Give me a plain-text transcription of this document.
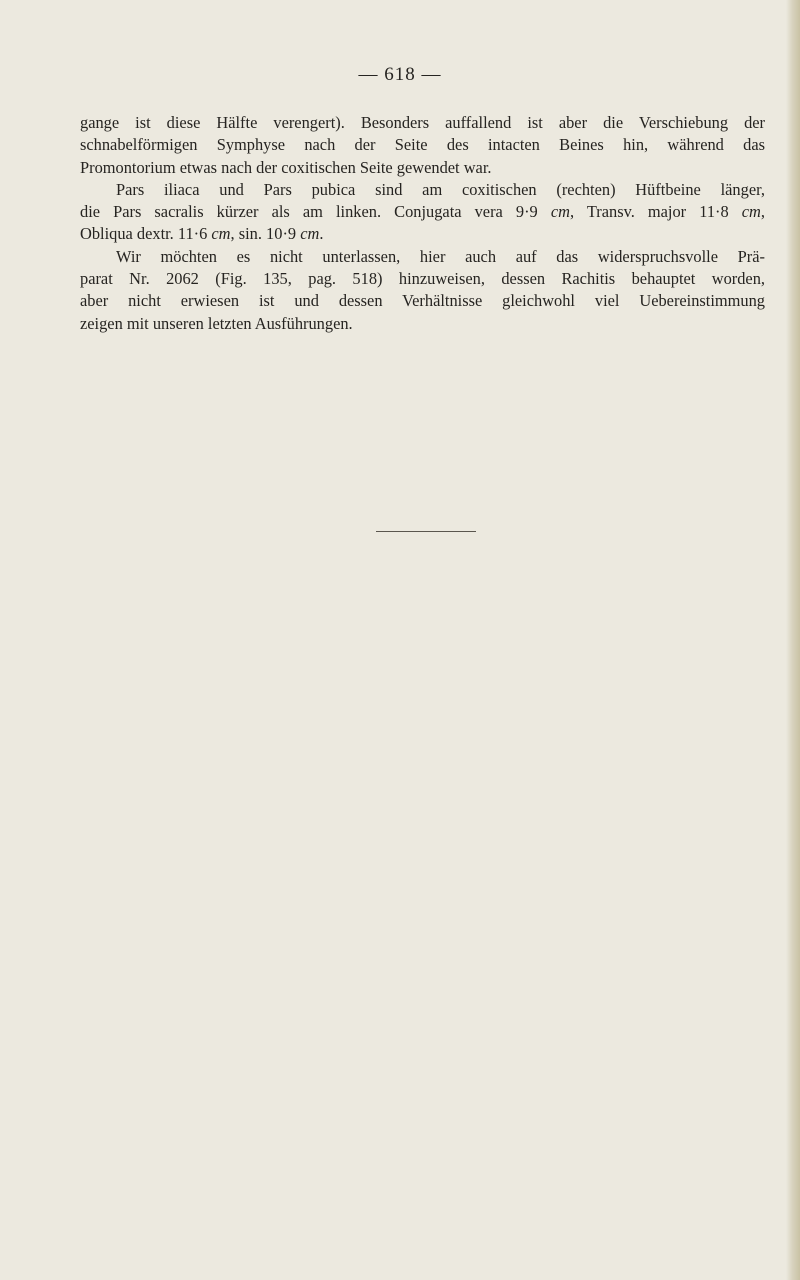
— 618 —
gange ist diese Hälfte verengert). Besonders auffallend ist aber die Verschiebung der
schnabelförmigen Symphyse nach der Seite des intacten Beines hin, während das
Promontorium etwas nach der coxitischen Seite gewendet war.
Pars iliaca und Pars pubica sind am coxitischen (rechten) Hüftbeine länger,
die Pars sacralis kürzer als am linken. Conjugata vera 9·9 cm, Transv. major 11·8 cm,
Obliqua dextr. 11·6 cm, sin. 10·9 cm.
Wir möchten es nicht unterlassen, hier auch auf das widerspruchsvolle Prä-
parat Nr. 2062 (Fig. 135, pag. 518) hinzuweisen, dessen Rachitis behauptet worden,
aber nicht erwiesen ist und dessen Verhältnisse gleichwohl viel Uebereinstimmung
zeigen mit unseren letzten Ausführungen.
